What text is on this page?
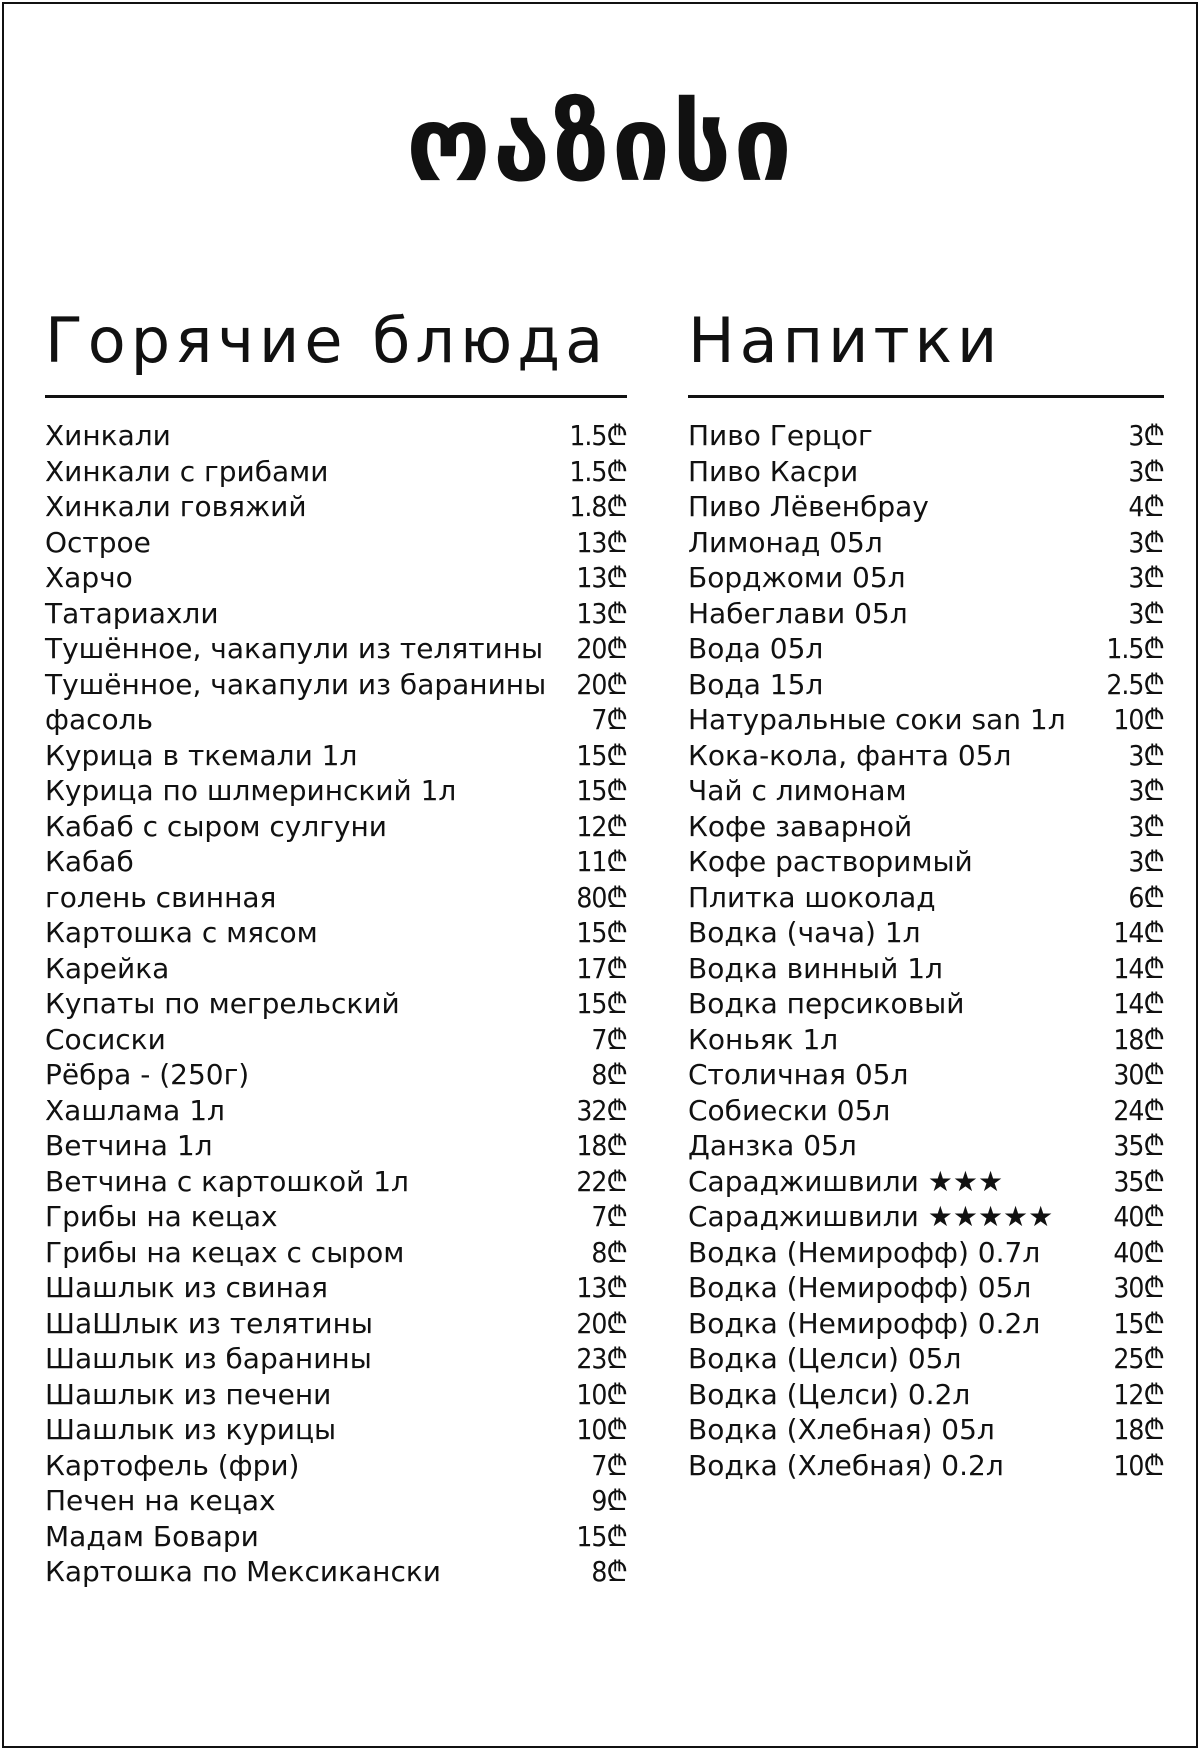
ოაზისი
Горячие блюда
Хинкали	1.5₾
Хинкали с грибами	1.5₾
Хинкали говяжий	1.8₾
Острое	13₾
Харчо	13₾
Татариахли	13₾
Тушённое, чакапули из телятины 20₾
Тушённое, чакапули из баранины 20₾
фасоль	7₾
Курица в ткемали 1л	15₾
Курица по шлмеринский 1л	15₾
Кабаб с сыром сулгуни	12₾
Кабаб	11₾
голень свинная	80₾
Картошка с мясом	15₾
Карейка	17₾
Купаты по мегрельский	15₾
Сосиски	7₾
Рёбра - (250г)	8₾
Хашлама 1л	32₾
Ветчина 1л	18₾
Ветчина с картошкой 1л	22₾
Грибы на кецах	7₾
Грибы на кецах с сыром	8₾
Шашлык из свиная	13₾
ШаШлык из телятины	20₾
Шашлык из баранины	23₾
Шашлык из печени	10₾
Шашлык из курицы	10₾
Картофель (фри)	7₾
Печен на кецах	9₾
Мадам Бовари	15₾
Картошка по Мексикански	8₾
Напитки
Пиво Герцог	3₾
Пиво Касри	3₾
Пиво Лёвенбрау	4₾
Лимонад 05л	3₾
Борджоми 05л	3₾
Набеглави 05л	3₾
Вода 05л	1.5₾
Вода 15л	2.5₾
Натуральные соки san 1л 10₾
Кока-кола, фанта 05л	3₾
Чай с лимонам	3₾
Кофе заварной	3₾
Кофе растворимый	3₾
Плитка шоколад	6₾
Водка (чача) 1л	14₾
Водка винный 1л	14₾
Водка персиковый	14₾
Коньяк 1л	18₾
Столичная 05л	30₾
Собиески 05л	24₾
Данзка 05л	35₾
Сараджишвили ★★★	35₾
Сараджишвили ★★★★★ 40₾
Водка (Немирофф) 0.7л	40₾
Водка (Немирофф) 05л	30₾
Водка (Немирофф) 0.2л	15₾
Водка (Целси) 05л	25₾
Водка (Целси) 0.2л	12₾
Водка (Хлебная) 05л	18₾
Водка (Хлебная) 0.2л	10₾
